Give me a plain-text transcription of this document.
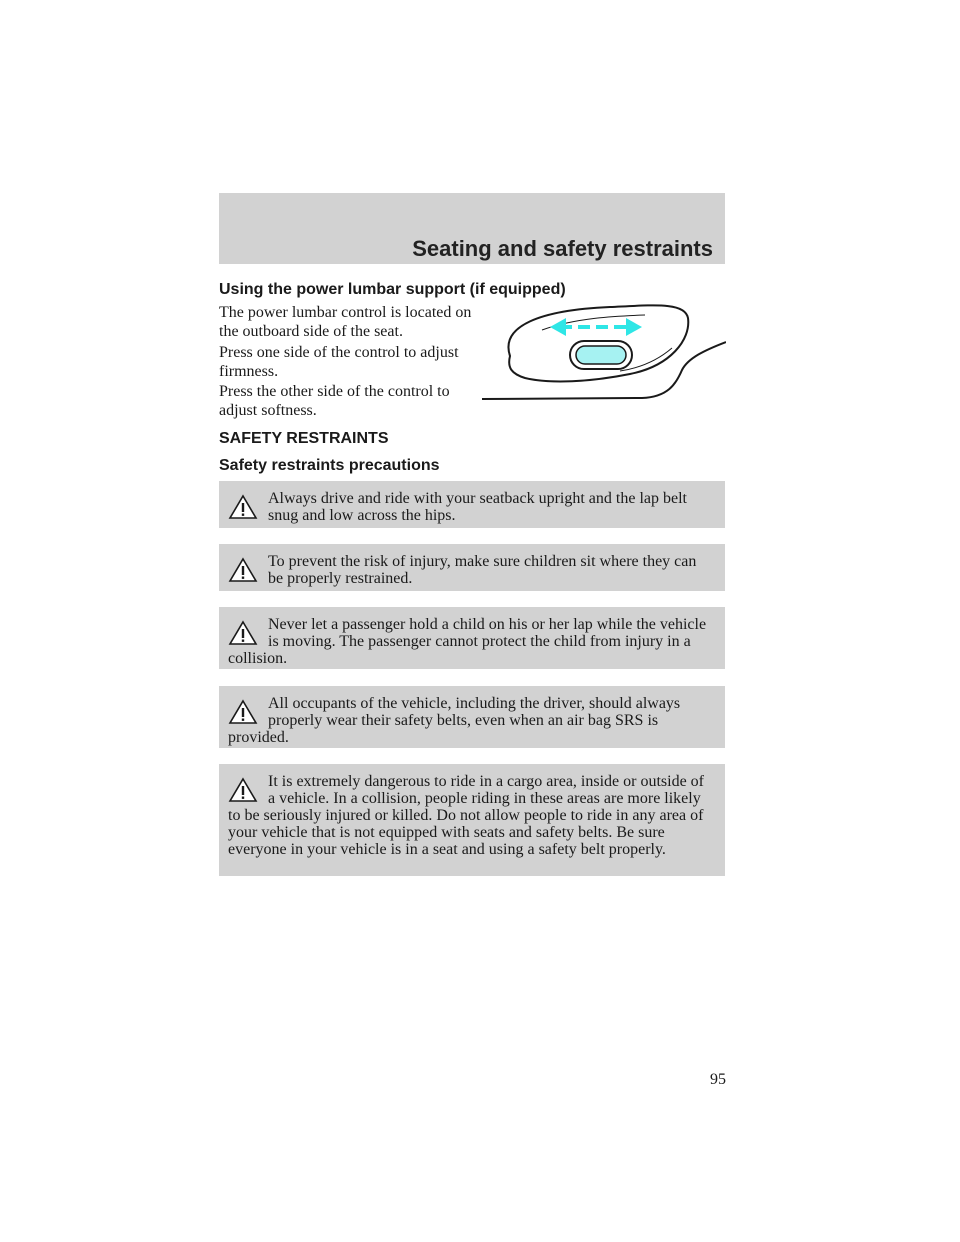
Seating and safety restraints
Using the power lumbar support (if equipped)
The power lumbar control is located on the outboard side of the seat.
Press one side of the control to adjust firmness.
Press the other side of the control to adjust softness.
SAFETY RESTRAINTS
Safety restraints precautions
Always drive and ride with your seatback upright and the lap belt snug and low across the hips.
To prevent the risk of injury, make sure children sit where they can be properly restrained.
Never let a passenger hold a child on his or her lap while the vehicle is moving. The passenger cannot protect the child from injury in a collision.
All occupants of the vehicle, including the driver, should always properly wear their safety belts, even when an air bag SRS is provided.
It is extremely dangerous to ride in a cargo area, inside or outside of a vehicle. In a collision, people riding in these areas are more likely to be seriously injured or killed. Do not allow people to ride in any area of your vehicle that is not equipped with seats and safety belts. Be sure everyone in your vehicle is in a seat and using a safety belt properly.
95
